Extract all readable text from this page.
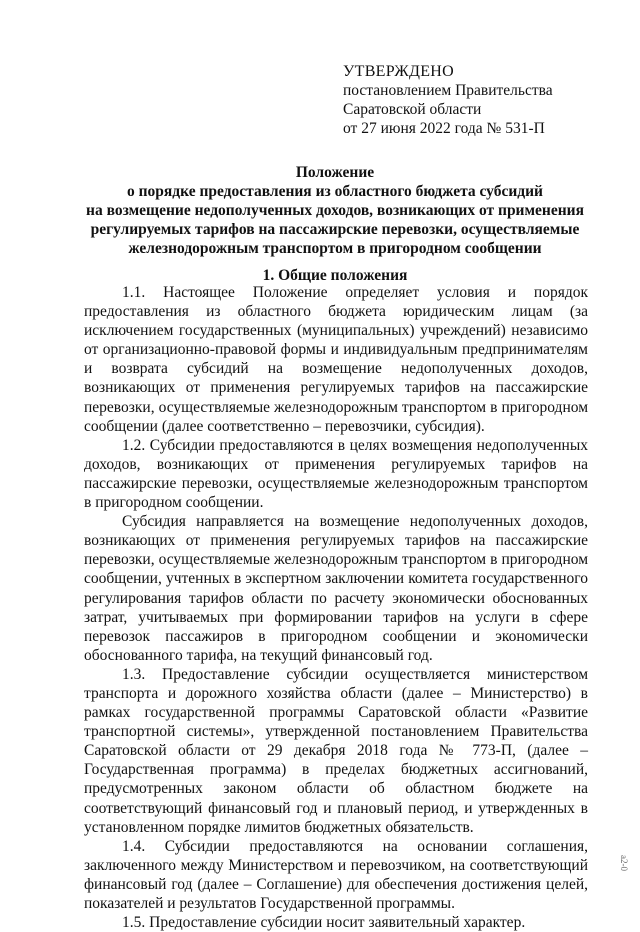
УТВЕРЖДЕНО
постановлением Правительства
Саратовской области
от 27 июня 2022 года № 531-П
Положение
о порядке предоставления из областного бюджета субсидий
на возмещение недополученных доходов, возникающих от применения
регулируемых тарифов на пассажирские перевозки, осуществляемые
железнодорожным транспортом в пригородном сообщении
1. Общие положения

1.1. Настоящее Положение определяет условия и порядок предоставления из областного бюджета юридическим лицам (за исключением государственных (муниципальных) учреждений) независимо от организационно-правовой формы и индивидуальным предпринимателям и возврата субсидий на возмещение недополученных доходов, возникающих от применения регулируемых тарифов на пассажирские перевозки, осуществляемые железнодорожным транспортом в пригородном сообщении (далее соответственно – перевозчики, субсидия).

1.2. Субсидии предоставляются в целях возмещения недополученных доходов, возникающих от применения регулируемых тарифов на пассажирские перевозки, осуществляемые железнодорожным транспортом в пригородном сообщении.

Субсидия направляется на возмещение недополученных доходов, возникающих от применения регулируемых тарифов на пассажирские перевозки, осуществляемые железнодорожным транспортом в пригородном сообщении, учтенных в экспертном заключении комитета государственного регулирования тарифов области по расчету экономически обоснованных затрат, учитываемых при формировании тарифов на услуги в сфере перевозок пассажиров в пригородном сообщении и экономически обоснованного тарифа, на текущий финансовый год.

1.3. Предоставление субсидии осуществляется министерством транспорта и дорожного хозяйства области (далее – Министерство) в рамках государственной программы Саратовской области «Развитие транспортной системы», утвержденной постановлением Правительства Саратовской области от 29 декабря 2018 года № 773-П, (далее – Государственная программа) в пределах бюджетных ассигнований, предусмотренных законом области об областном бюджете на соответствующий финансовый год и плановый период, и утвержденных в установленном порядке лимитов бюджетных обязательств.

1.4. Субсидии предоставляются на основании соглашения, заключенного между Министерством и перевозчиком, на соответствующий финансовый год (далее – Соглашение) для обеспечения достижения целей, показателей и результатов Государственной программы.

1.5. Предоставление субсидии носит заявительный характер.

а2-0
